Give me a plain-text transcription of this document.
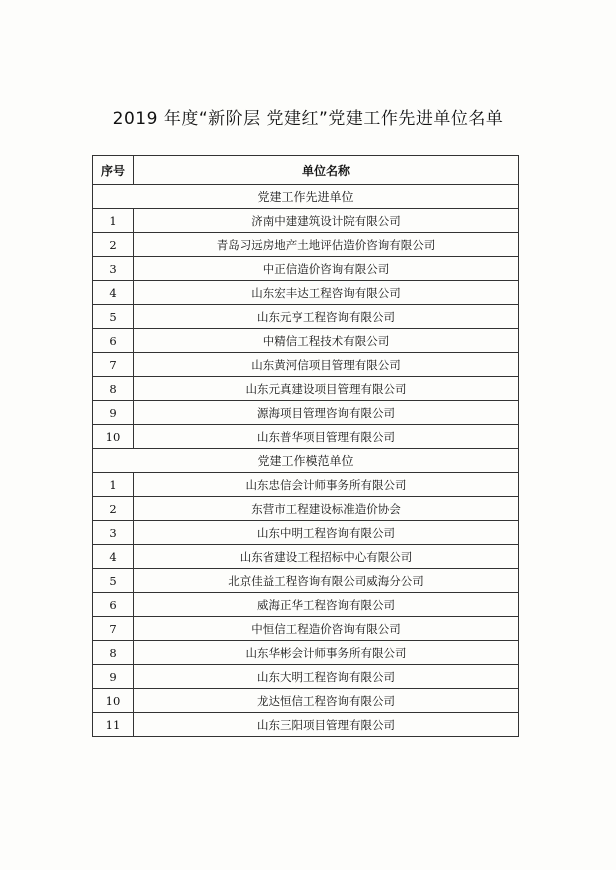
2019 年度“新阶层 党建红”党建工作先进单位名单
序号	单位名称
党建工作先进单位	
1	济南中建建筑设计院有限公司
2	青岛习远房地产土地评估造价咨询有限公司
3	中正信造价咨询有限公司
4	山东宏丰达工程咨询有限公司
5	山东元亨工程咨询有限公司
6	中精信工程技术有限公司
7	山东黄河信项目管理有限公司
8	山东元真建设项目管理有限公司
9	源海项目管理咨询有限公司
10	山东普华项目管理有限公司
党建工作模范单位	
1	山东忠信会计师事务所有限公司
2	东营市工程建设标准造价协会
3	山东中明工程咨询有限公司
4	山东省建设工程招标中心有限公司
5	北京佳益工程咨询有限公司威海分公司
6	威海正华工程咨询有限公司
7	中恒信工程造价咨询有限公司
8	山东华彬会计师事务所有限公司
9	山东大明工程咨询有限公司
10	龙达恒信工程咨询有限公司
11	山东三阳项目管理有限公司
